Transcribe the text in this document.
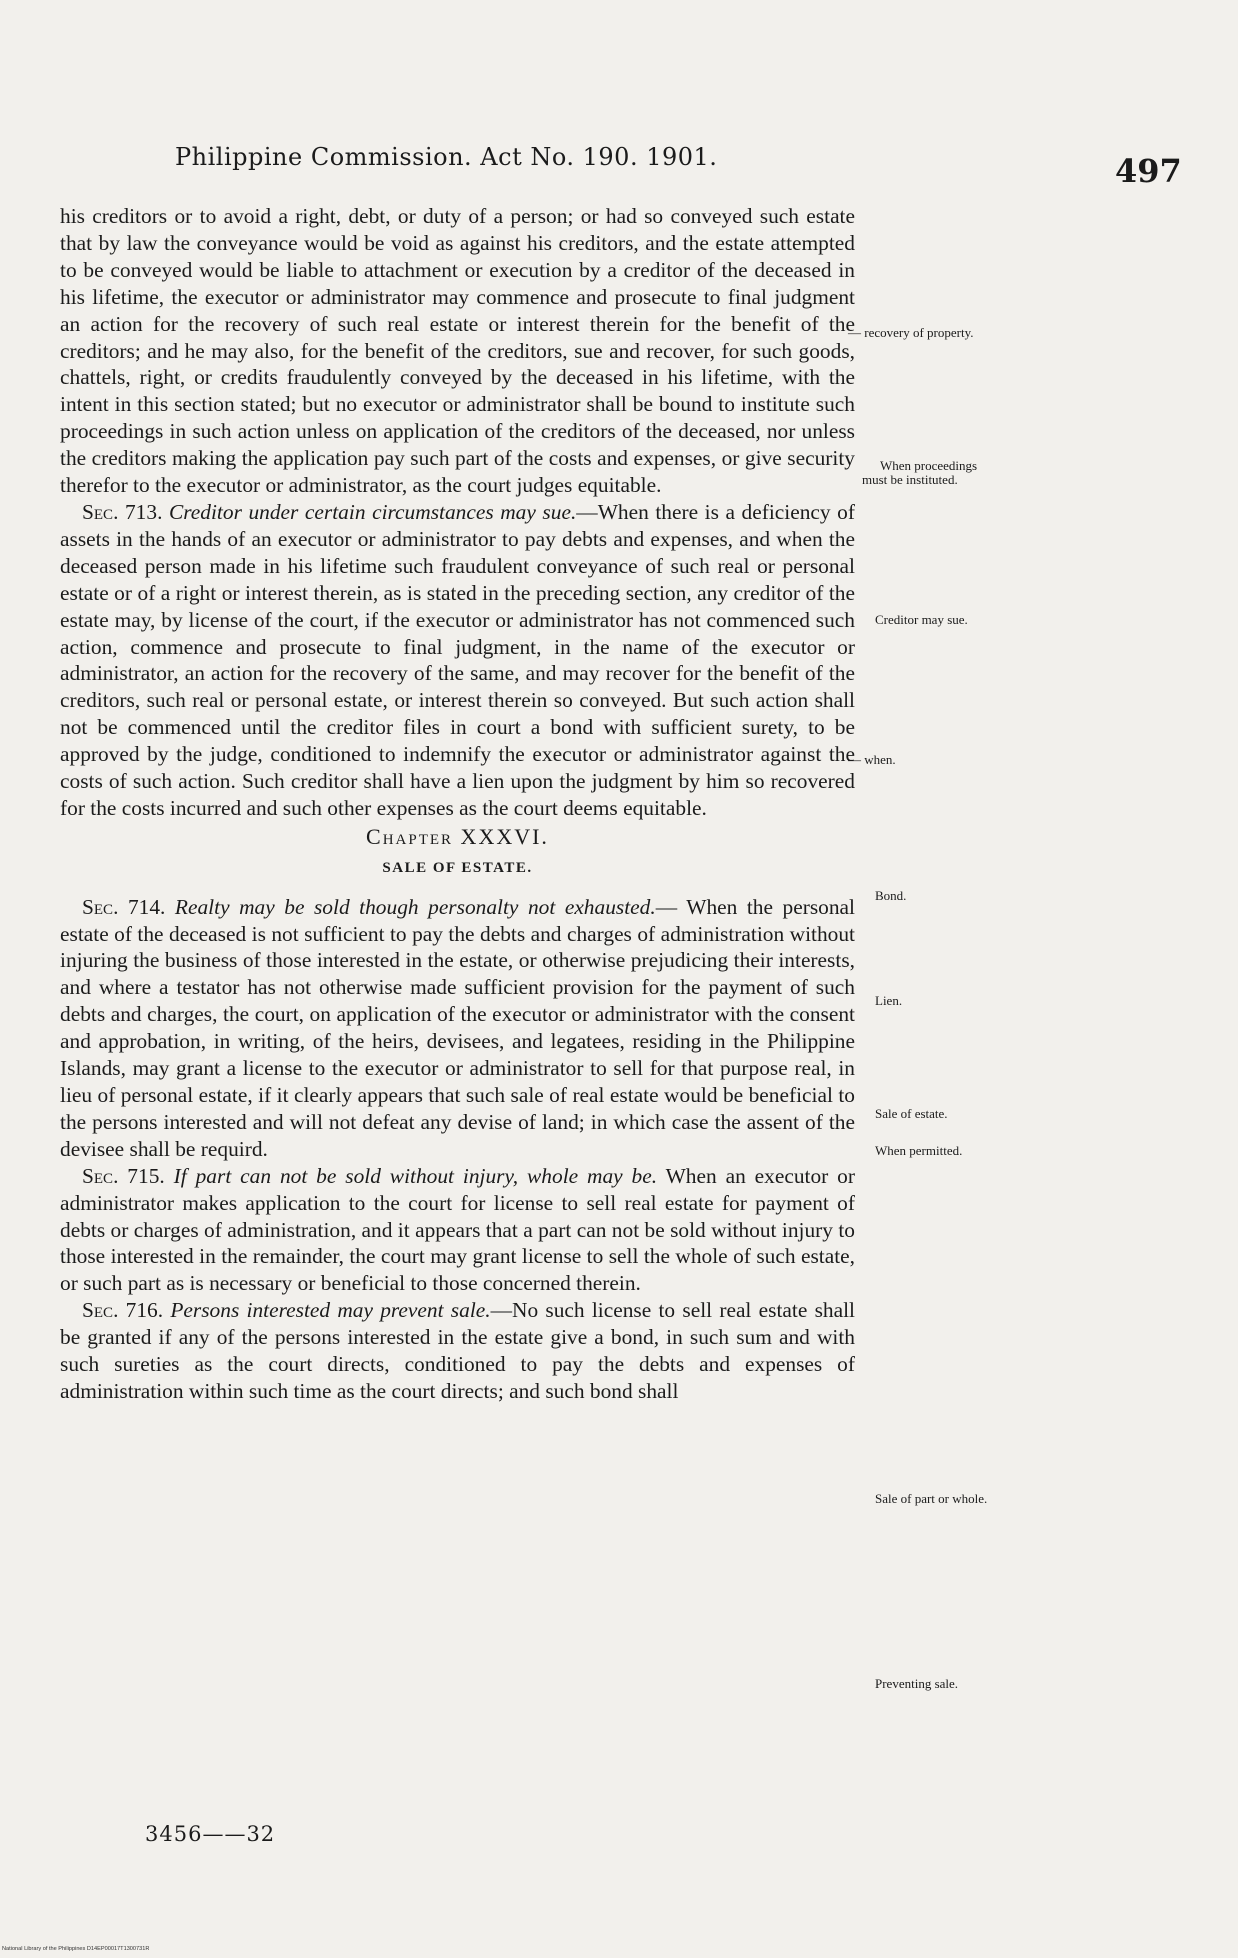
Philippine Commission. Act No. 190. 1901.	497

his creditors or to avoid a right, debt, or duty of a person; or had so conveyed such estate that by law the conveyance would be void as against his creditors, and the estate attempted to be conveyed would be liable to attachment or execution by a creditor of the deceased in his lifetime, the executor or administrator may commence and prosecute to final judgment an action for the recovery of such real estate or interest therein for the benefit of the creditors; and he may also, for the benefit of the creditors, sue and recover, for such goods, chattels, right, or credits fraudulently conveyed by the deceased in his lifetime, with the intent in this section stated; but no executor or administrator shall be bound to institute such proceedings in such action unless on application of the creditors of the deceased, nor unless the creditors making the application pay such part of the costs and expenses, or give security therefor to the executor or administrator, as the court judges equitable.

Sec. 713. Creditor under certain circumstances may sue.—When there is a deficiency of assets in the hands of an executor or administrator to pay debts and expenses, and when the deceased person made in his lifetime such fraudulent conveyance of such real or personal estate or of a right or interest therein, as is stated in the preceding section, any creditor of the estate may, by license of the court, if the executor or administrator has not commenced such action, commence and prosecute to final judgment, in the name of the executor or administrator, an action for the recovery of the same, and may recover for the benefit of the creditors, such real or personal estate, or interest therein so conveyed. But such action shall not be commenced until the creditor files in court a bond with sufficient surety, to be approved by the judge, conditioned to indemnify the executor or administrator against the costs of such action. Such creditor shall have a lien upon the judgment by him so recovered for the costs incurred and such other expenses as the court deems equitable.

Chapter XXXVI.
SALE OF ESTATE.

Sec. 714. Realty may be sold though personalty not exhausted.— When the personal estate of the deceased is not sufficient to pay the debts and charges of administration without injuring the business of those interested in the estate, or otherwise prejudicing their interests, and where a testator has not otherwise made sufficient provision for the payment of such debts and charges, the court, on application of the executor or administrator with the consent and approbation, in writing, of the heirs, devisees, and legatees, residing in the Philippine Islands, may grant a license to the executor or administrator to sell for that purpose real, in lieu of personal estate, if it clearly appears that such sale of real estate would be beneficial to the persons interested and will not defeat any devise of land; in which case the assent of the devisee shall be requird.

Sec. 715. If part can not be sold without injury, whole may be. When an executor or administrator makes application to the court for license to sell real estate for payment of debts or charges of administration, and it appears that a part can not be sold without injury to those interested in the remainder, the court may grant license to sell the whole of such estate, or such part as is necessary or beneficial to those concerned therein.

Sec. 716. Persons interested may prevent sale.—No such license to sell real estate shall be granted if any of the persons interested in the estate give a bond, in such sum and with such sureties as the court directs, conditioned to pay the debts and expenses of administration within such time as the court directs; and such bond shall

— recovery of property.
When proceedings
must be instituted.
Creditor may sue.
— when.
Bond.
Lien.
Sale of estate.
When permitted.
Sale of part or whole.
Preventing sale.
3456——32
National Library of the Philippines D14EP00017T1300731R
